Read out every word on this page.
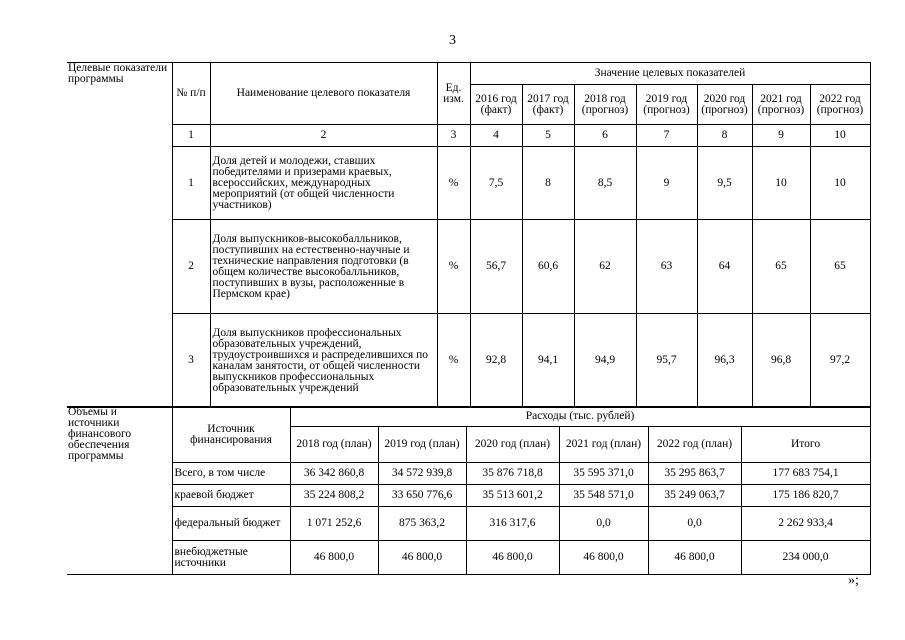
3
Целевые показатели программы	№ п/п	Наименование целевого показателя	Ед. изм.	Значение целевых показателей						
				2016 год (факт)	2017 год (факт)	2018 год (прогноз)	2019 год (прогноз)	2020 год (прогноз)	2021 год (прогноз)	2022 год (прогноз)
	1	2	3	4	5	6	7	8	9	10
	1	Доля детей и молодежи, ставших победителями и призерами краевых, всероссийских, международных мероприятий (от общей численности участников)	%	7,5	8	8,5	9	9,5	10	10
	2	Доля выпускников-высокобалльников, поступивших на естественно-научные и технические направления подготовки (в общем количестве высокобалльников, поступивших в вузы, расположенные в Пермском крае)	%	56,7	60,6	62	63	64	65	65
	3	Доля выпускников профессиональных образовательных учреждений, трудоустроившихся и распределившихся по каналам занятости, от общей численности выпускников профессиональных образовательных учреждений	%	92,8	94,1	94,9	95,7	96,3	96,8	97,2
Объемы и источники финансового обеспечения программы	Источник финансирования	Расходы (тыс. рублей)					
		2018 год (план)	2019 год (план)	2020 год (план)	2021 год (план)	2022 год (план)	Итого
	Всего, в том числе	36 342 860,8	34 572 939,8	35 876 718,8	35 595 371,0	35 295 863,7	177 683 754,1
	краевой бюджет	35 224 808,2	33 650 776,6	35 513 601,2	35 548 571,0	35 249 063,7	175 186 820,7
	федеральный бюджет	1 071 252,6	875 363,2	316 317,6	0,0	0,0	2 262 933,4
	внебюджетные источники	46 800,0	46 800,0	46 800,0	46 800,0	46 800,0	234 000,0
»;
